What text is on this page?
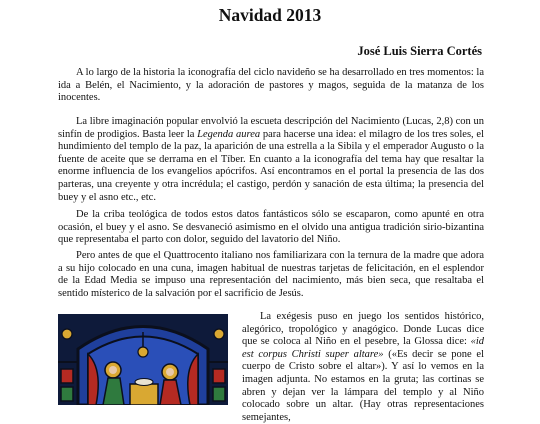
Navidad 2013

José Luis Sierra Cortés

A lo largo de la historia la iconografía del ciclo navideño se ha desarrollado en tres momentos: la ida a Belén, el Nacimiento, y la adoración de pastores y magos, seguida de la matanza de los inocentes.

La libre imaginación popular envolvió la escueta descripción del Nacimiento (Lucas, 2,8) con un sinfín de prodigios. Basta leer la Legenda aurea para hacerse una idea: el milagro de los tres soles, el hundimiento del templo de la paz, la aparición de una estrella a la Sibila y el emperador Augusto o la fuente de aceite que se derrama en el Tíber. En cuanto a la iconografía del tema hay que resaltar la enorme influencia de los evangelios apócrifos. Así encontramos en el portal la presencia de las dos parteras, una creyente y otra incrédula; el castigo, perdón y sanación de esta última; la presencia del buey y el asno etc., etc.

De la criba teológica de todos estos datos fantásticos sólo se escaparon, como apunté en otra ocasión, el buey y el asno. Se desvaneció asimismo en el olvido una antigua tradición sirio-bizantina que representaba el parto con dolor, seguido del lavatorio del Niño.

Pero antes de que el Quattrocento italiano nos familiarizara con la ternura de la madre que adora a su hijo colocado en una cuna, imagen habitual de nuestras tarjetas de felicitación, en el esplendor de la Edad Media se impuso una representación del nacimiento, más bien seca, que resaltaba el sentido místerico de la salvación por el sacrificio de Jesús.

La exégesis puso en juego los sentidos histórico, alegórico, tropológico y anagógico. Donde Lucas dice que se coloca al Niño en el pesebre, la Glossa dice: «id est corpus Christi super altare» («Es decir se pone el cuerpo de Cristo sobre el altar»). Y así lo vemos en la imagen adjunta. No estamos en la gruta; las cortinas se abren y dejan ver la lámpara del templo y al Niño colocado sobre un altar. (Hay otras representaciones semejantes,
